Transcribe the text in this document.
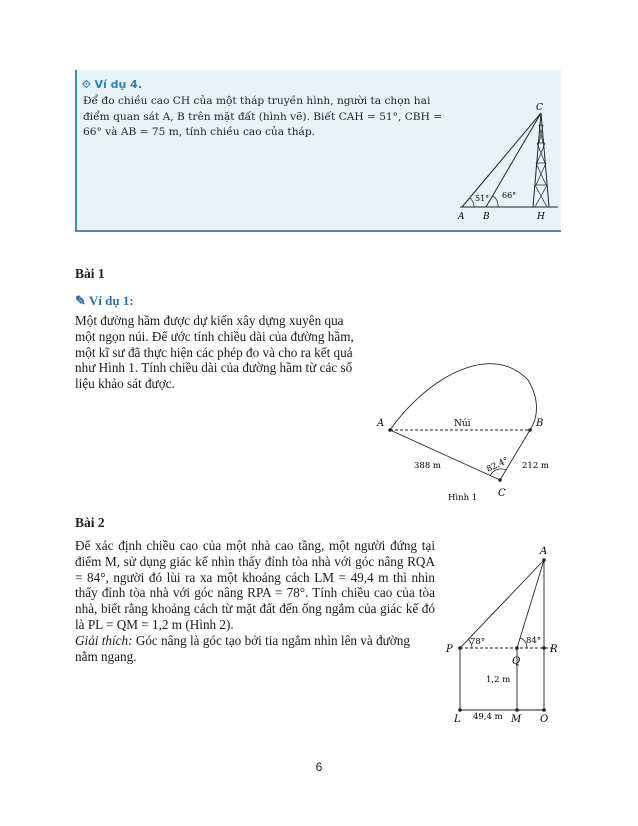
⟐ Ví dụ 4.
Để đo chiều cao CH của một tháp truyền hình, người ta chọn hai điểm quan sát A, B trên mặt đất (hình vẽ). Biết CAH = 51°, CBH = 66° và AB = 75 m, tính chiều cao của tháp.
51° 66°
C
A B	H
Bài 1
✎ Ví dụ 1:
Một đường hầm được dự kiến xây dựng xuyên qua một ngọn núi. Để ước tính chiều dài của đường hầm, một kĩ sư đã thực hiện các phép đo và cho ra kết quả như Hình 1. Tính chiều dài của đường hầm từ các số liệu khảo sát được.
A	B
C
Núi
388 m	212 m
82,4°
Hình 1
Bài 2
Để xác định chiều cao của một nhà cao tầng, một người đứng tại điểm M, sử dụng giác kế nhìn thấy đỉnh tòa nhà với góc nâng RQA = 84°, người đó lùi ra xa một khoảng cách LM = 49,4 m thì nhìn thấy đỉnh tòa nhà với góc nâng RPA = 78°. Tính chiều cao của tòa nhà, biết rằng khoảng cách từ mặt đất đến ống ngắm của giác kế đó là PL = QM = 1,2 m (Hình 2).
Giải thích: Góc nâng là góc tạo bởi tia ngắm nhìn lên và đường nằm ngang.
A
P
Q
R
L	M O
78°	84°
1,2 m
49,4 m
6
